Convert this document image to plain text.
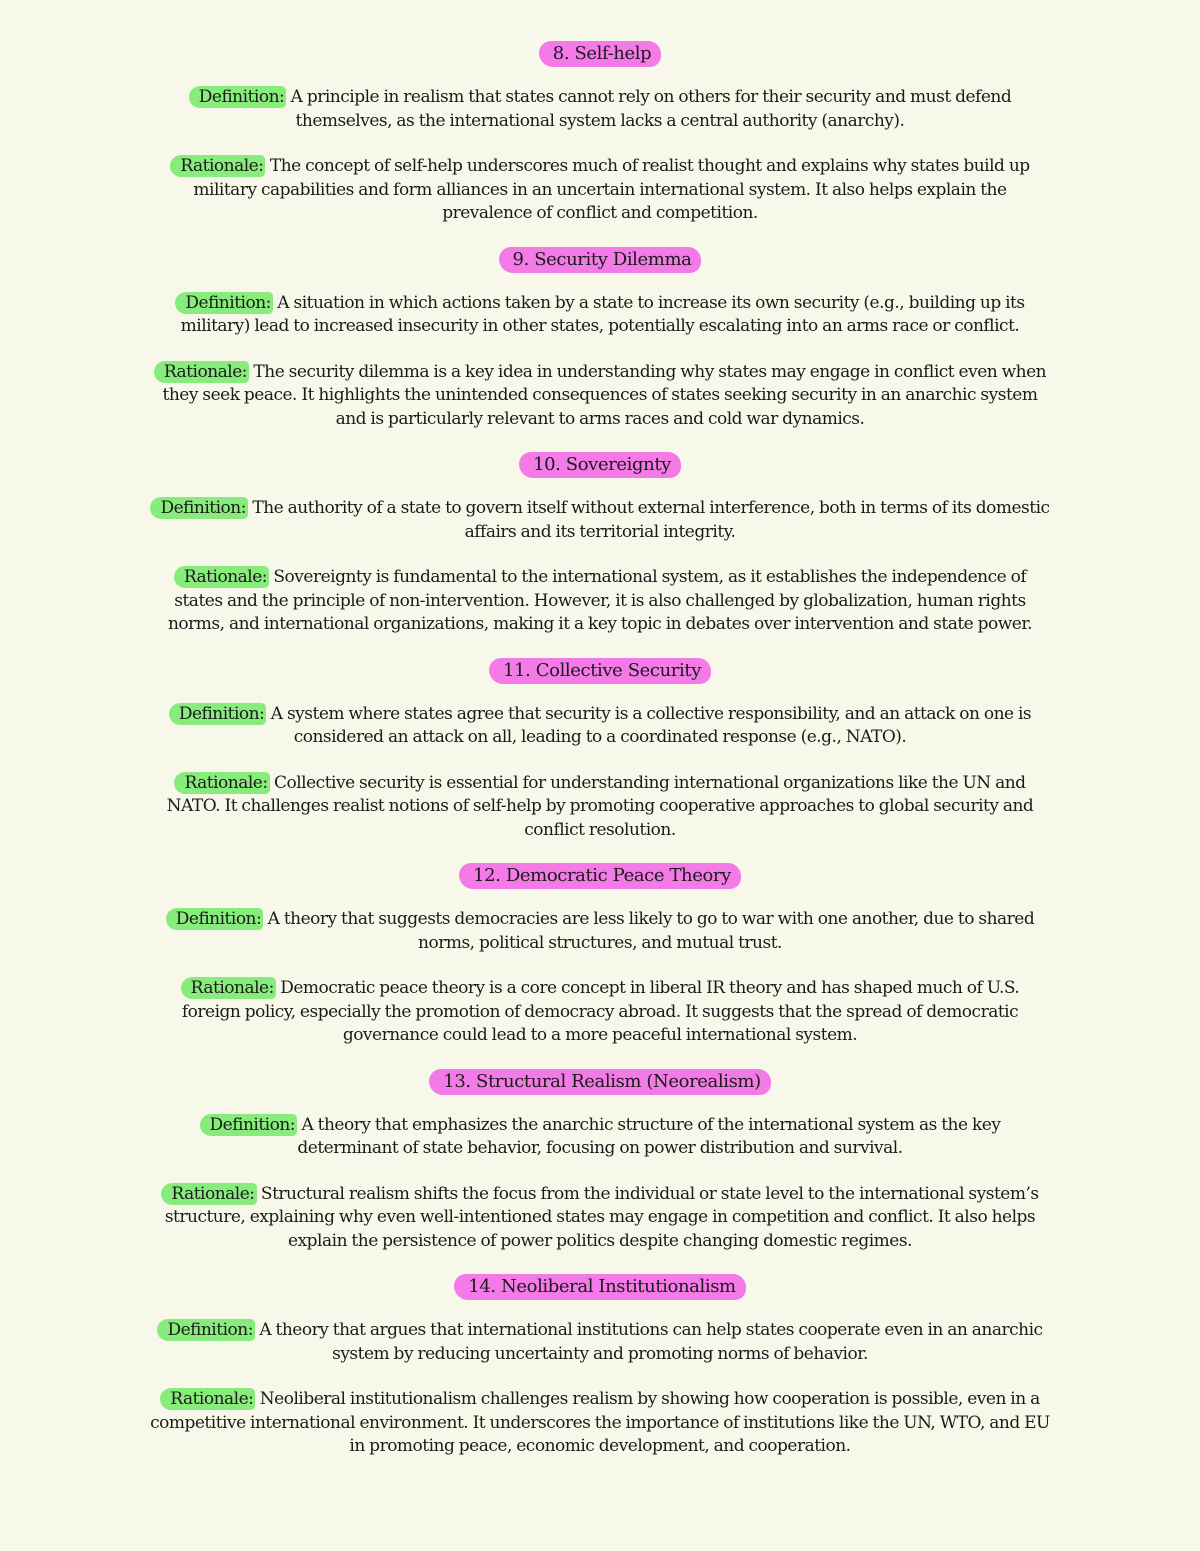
8. Self-help

Definition: A principle in realism that states cannot rely on others for their security and must defend themselves, as the international system lacks a central authority (anarchy).

Rationale: The concept of self-help underscores much of realist thought and explains why states build up military capabilities and form alliances in an uncertain international system. It also helps explain the prevalence of conflict and competition.

9. Security Dilemma

Definition: A situation in which actions taken by a state to increase its own security (e.g., building up its military) lead to increased insecurity in other states, potentially escalating into an arms race or conflict.

Rationale: The security dilemma is a key idea in understanding why states may engage in conflict even when they seek peace. It highlights the unintended consequences of states seeking security in an anarchic system and is particularly relevant to arms races and cold war dynamics.

10. Sovereignty

Definition: The authority of a state to govern itself without external interference, both in terms of its domestic affairs and its territorial integrity.

Rationale: Sovereignty is fundamental to the international system, as it establishes the independence of states and the principle of non-intervention. However, it is also challenged by globalization, human rights norms, and international organizations, making it a key topic in debates over intervention and state power.

11. Collective Security

Definition: A system where states agree that security is a collective responsibility, and an attack on one is considered an attack on all, leading to a coordinated response (e.g., NATO).

Rationale: Collective security is essential for understanding international organizations like the UN and NATO. It challenges realist notions of self-help by promoting cooperative approaches to global security and conflict resolution.

12. Democratic Peace Theory

Definition: A theory that suggests democracies are less likely to go to war with one another, due to shared norms, political structures, and mutual trust.

Rationale: Democratic peace theory is a core concept in liberal IR theory and has shaped much of U.S. foreign policy, especially the promotion of democracy abroad. It suggests that the spread of democratic governance could lead to a more peaceful international system.

13. Structural Realism (Neorealism)

Definition: A theory that emphasizes the anarchic structure of the international system as the key determinant of state behavior, focusing on power distribution and survival.

Rationale: Structural realism shifts the focus from the individual or state level to the international system’s structure, explaining why even well-intentioned states may engage in competition and conflict. It also helps explain the persistence of power politics despite changing domestic regimes.

14. Neoliberal Institutionalism

Definition: A theory that argues that international institutions can help states cooperate even in an anarchic system by reducing uncertainty and promoting norms of behavior.

Rationale: Neoliberal institutionalism challenges realism by showing how cooperation is possible, even in a competitive international environment. It underscores the importance of institutions like the UN, WTO, and EU in promoting peace, economic development, and cooperation.
